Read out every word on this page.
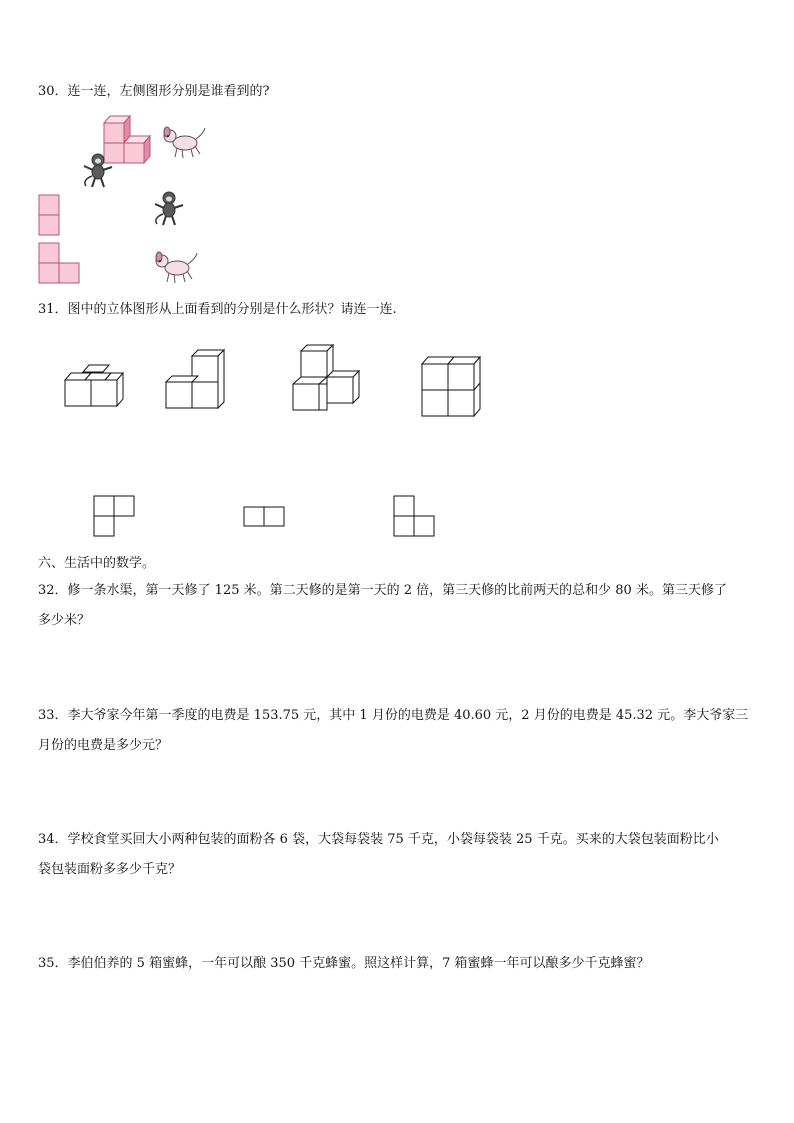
30．连一连，左侧图形分别是谁看到的?
31．图中的立体图形从上面看到的分别是什么形状？请连一连.
六、生活中的数学。
32．修一条水渠，第一天修了 125 米。第二天修的是第一天的 2 倍，第三天修的比前两天的总和少 80 米。第三天修了
多少米？
33．李大爷家今年第一季度的电费是 153.75 元，其中 1 月份的电费是 40.60 元，2 月份的电费是 45.32 元。李大爷家三
月份的电费是多少元？
34．学校食堂买回大小两种包装的面粉各 6 袋，大袋每袋装 75 千克，小袋每袋装 25 千克。买来的大袋包装面粉比小
袋包装面粉多多少千克？
35．李伯伯养的 5 箱蜜蜂，一年可以酿 350 千克蜂蜜。照这样计算，7 箱蜜蜂一年可以酿多少千克蜂蜜？
